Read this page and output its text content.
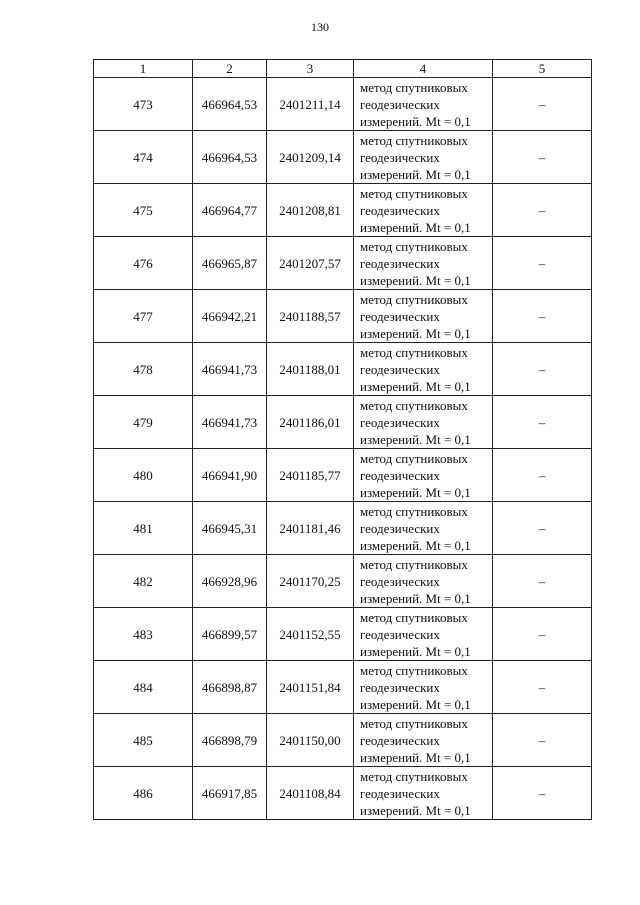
130
1	2	3	4	5
473	466964,53	2401211,14	метод спутниковых
геодезических
измерений. Mt = 0,1	–
474	466964,53	2401209,14	метод спутниковых
геодезических
измерений. Mt = 0,1	–
475	466964,77	2401208,81	метод спутниковых
геодезических
измерений. Mt = 0,1	–
476	466965,87	2401207,57	метод спутниковых
геодезических
измерений. Mt = 0,1	–
477	466942,21	2401188,57	метод спутниковых
геодезических
измерений. Mt = 0,1	–
478	466941,73	2401188,01	метод спутниковых
геодезических
измерений. Mt = 0,1	–
479	466941,73	2401186,01	метод спутниковых
геодезических
измерений. Mt = 0,1	–
480	466941,90	2401185,77	метод спутниковых
геодезических
измерений. Mt = 0,1	–
481	466945,31	2401181,46	метод спутниковых
геодезических
измерений. Mt = 0,1	–
482	466928,96	2401170,25	метод спутниковых
геодезических
измерений. Mt = 0,1	–
483	466899,57	2401152,55	метод спутниковых
геодезических
измерений. Mt = 0,1	–
484	466898,87	2401151,84	метод спутниковых
геодезических
измерений. Mt = 0,1	–
485	466898,79	2401150,00	метод спутниковых
геодезических
измерений. Mt = 0,1	–
486	466917,85	2401108,84	метод спутниковых
геодезических
измерений. Mt = 0,1	–
